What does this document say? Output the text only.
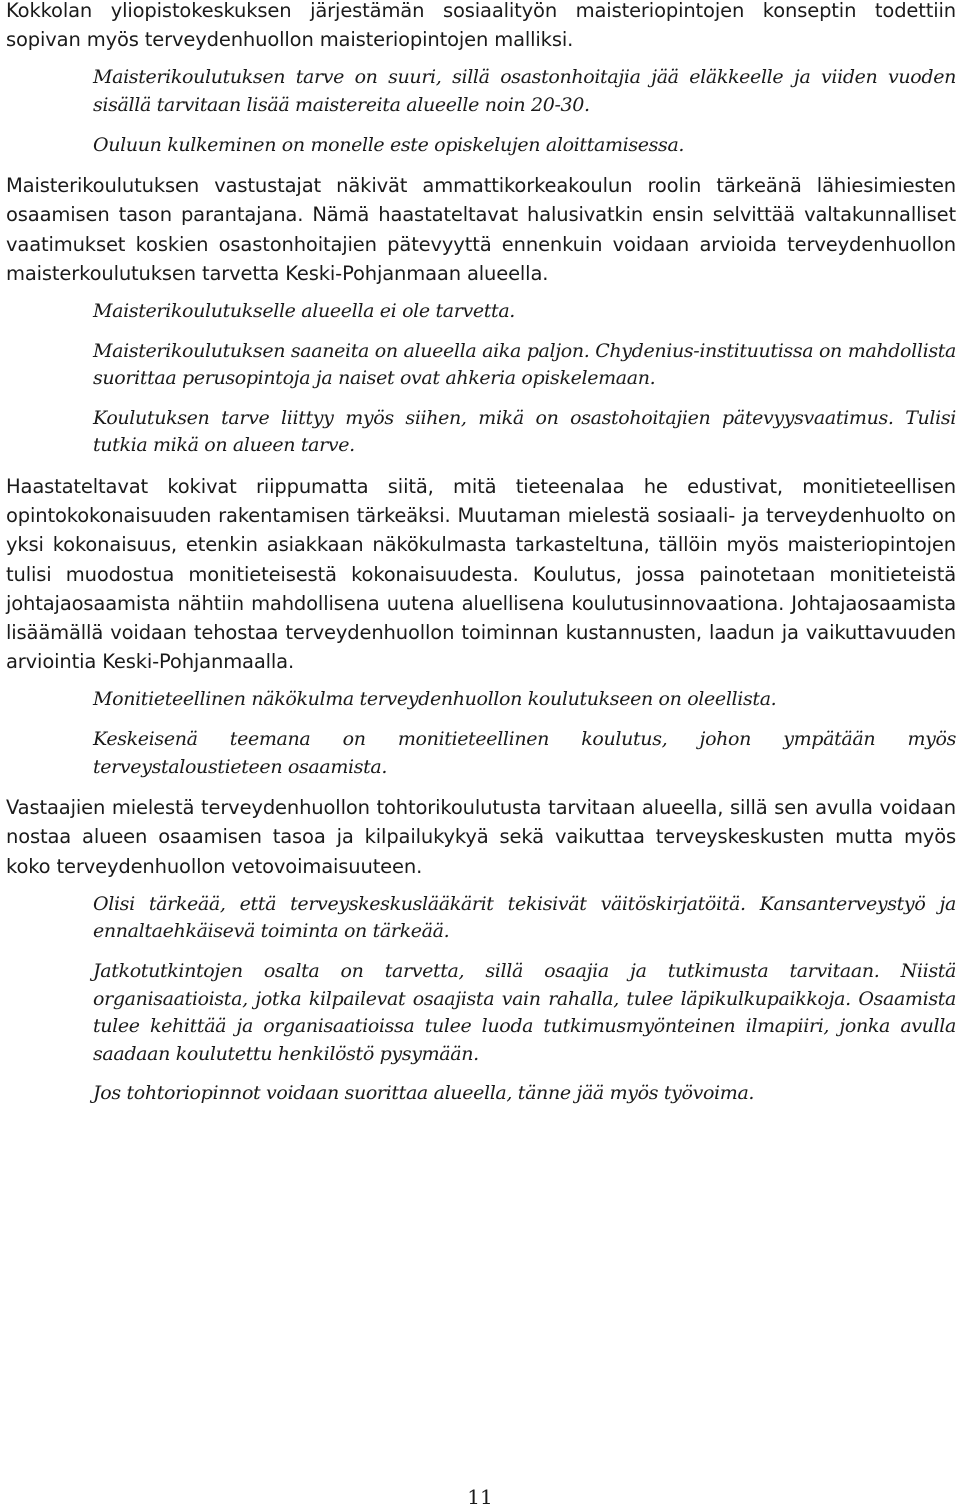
Kokkolan yliopistokeskuksen järjestämän sosiaalityön maisteriopintojen konseptin todettiin sopivan myös terveydenhuollon maisteriopintojen malliksi.

Maisterikoulutuksen tarve on suuri, sillä osastonhoitajia jää eläkkeelle ja viiden vuoden sisällä tarvitaan lisää maistereita alueelle noin 20-30.

Ouluun kulkeminen on monelle este opiskelujen aloittamisessa.

Maisterikoulutuksen vastustajat näkivät ammattikorkeakoulun roolin tärkeänä lähiesimiesten osaamisen tason parantajana. Nämä haastateltavat halusivatkin ensin selvittää valtakunnalliset vaatimukset koskien osastonhoitajien pätevyyttä ennenkuin voidaan arvioida terveydenhuollon maisterkoulutuksen tarvetta Keski-Pohjanmaan alueella.

Maisterikoulutukselle alueella ei ole tarvetta.

Maisterikoulutuksen saaneita on alueella aika paljon. Chydenius-instituutissa on mahdollista suorittaa perusopintoja ja naiset ovat ahkeria opiskelemaan.

Koulutuksen tarve liittyy myös siihen, mikä on osastohoitajien pätevyysvaatimus. Tulisi tutkia mikä on alueen tarve.

Haastateltavat kokivat riippumatta siitä, mitä tieteenalaa he edustivat, monitieteellisen opintokokonaisuuden rakentamisen tärkeäksi. Muutaman mielestä sosiaali- ja terveydenhuolto on yksi kokonaisuus, etenkin asiakkaan näkökulmasta tarkasteltuna, tällöin myös maisteriopintojen tulisi muodostua monitieteisestä kokonaisuudesta. Koulutus, jossa painotetaan monitieteistä johtajaosaamista nähtiin mahdollisena uutena aluellisena koulutusinnovaationa. Johtajaosaamista lisäämällä voidaan tehostaa terveydenhuollon toiminnan kustannusten, laadun ja vaikuttavuuden arviointia Keski-Pohjanmaalla.

Monitieteellinen näkökulma terveydenhuollon koulutukseen on oleellista.

Keskeisenä teemana on monitieteellinen koulutus, johon ympätään myös terveystaloustieteen osaamista.

Vastaajien mielestä terveydenhuollon tohtorikoulutusta tarvitaan alueella, sillä sen avulla voidaan nostaa alueen osaamisen tasoa ja kilpailukykyä sekä vaikuttaa terveyskeskusten mutta myös koko terveydenhuollon vetovoimaisuuteen.

Olisi tärkeää, että terveyskeskuslääkärit tekisivät väitöskirjatöitä. Kansanterveystyö ja ennaltaehkäisevä toiminta on tärkeää.

Jatkotutkintojen osalta on tarvetta, sillä osaajia ja tutkimusta tarvitaan. Niistä organisaatioista, jotka kilpailevat osaajista vain rahalla, tulee läpikulkupaikkoja. Osaamista tulee kehittää ja organisaatioissa tulee luoda tutkimusmyönteinen ilmapiiri, jonka avulla saadaan koulutettu henkilöstö pysymään.

Jos tohtoriopinnot voidaan suorittaa alueella, tänne jää myös työvoima.

11
